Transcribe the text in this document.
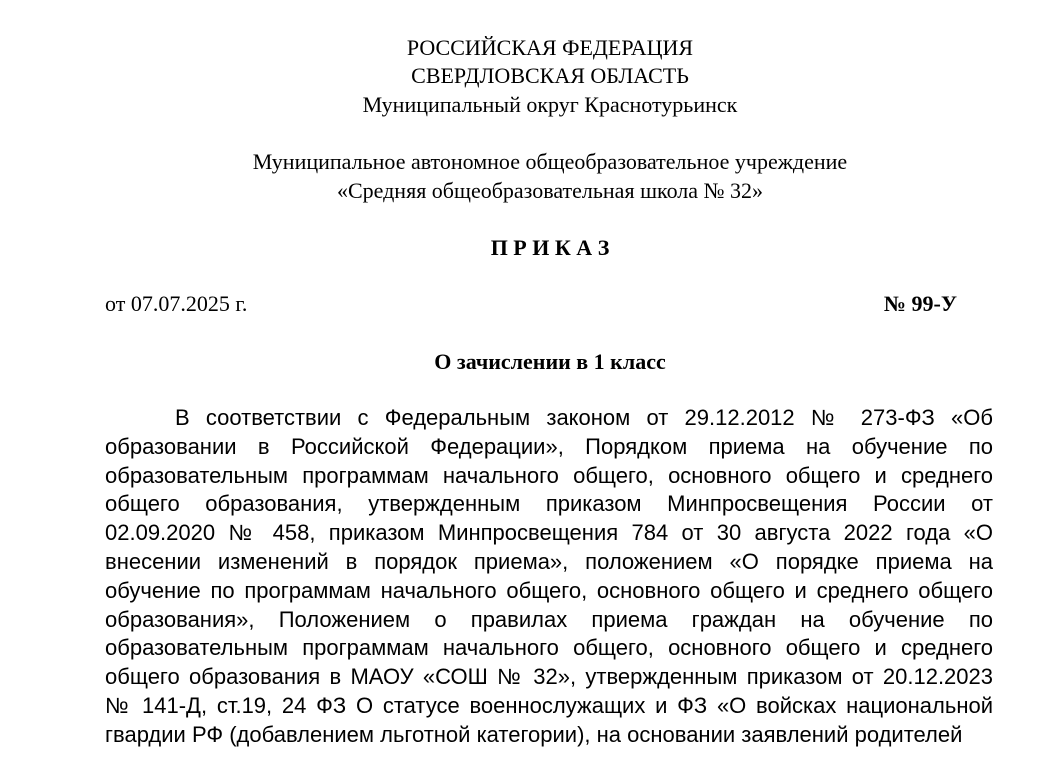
РОССИЙСКАЯ ФЕДЕРАЦИЯ
СВЕРДЛОВСКАЯ ОБЛАСТЬ
Муниципальный округ Краснотурьинск
Муниципальное автономное общеобразовательное учреждение
«Средняя общеобразовательная школа № 32»
П Р И К А З
от 07.07.2025 г.	№ 99-У
О зачислении в 1 класс
В соответствии с Федеральным законом от 29.12.2012 № 273-ФЗ «Об
образовании в Российской Федерации», Порядком приема на обучение по
образовательным программам начального общего, основного общего и среднего
общего образования, утвержденным приказом Минпросвещения России от
02.09.2020 № 458, приказом Минпросвещения 784 от 30 августа 2022 года «О
внесении изменений в порядок приема», положением «О порядке приема на
обучение по программам начального общего, основного общего и среднего общего
образования», Положением о правилах приема граждан на обучение по
образовательным программам начального общего, основного общего и среднего
общего образования в МАОУ «СОШ № 32», утвержденным приказом от 20.12.2023
№ 141-Д, ст.19, 24 ФЗ О статусе военнослужащих и ФЗ «О войсках национальной
гвардии РФ (добавлением льготной категории), на основании заявлений родителей
